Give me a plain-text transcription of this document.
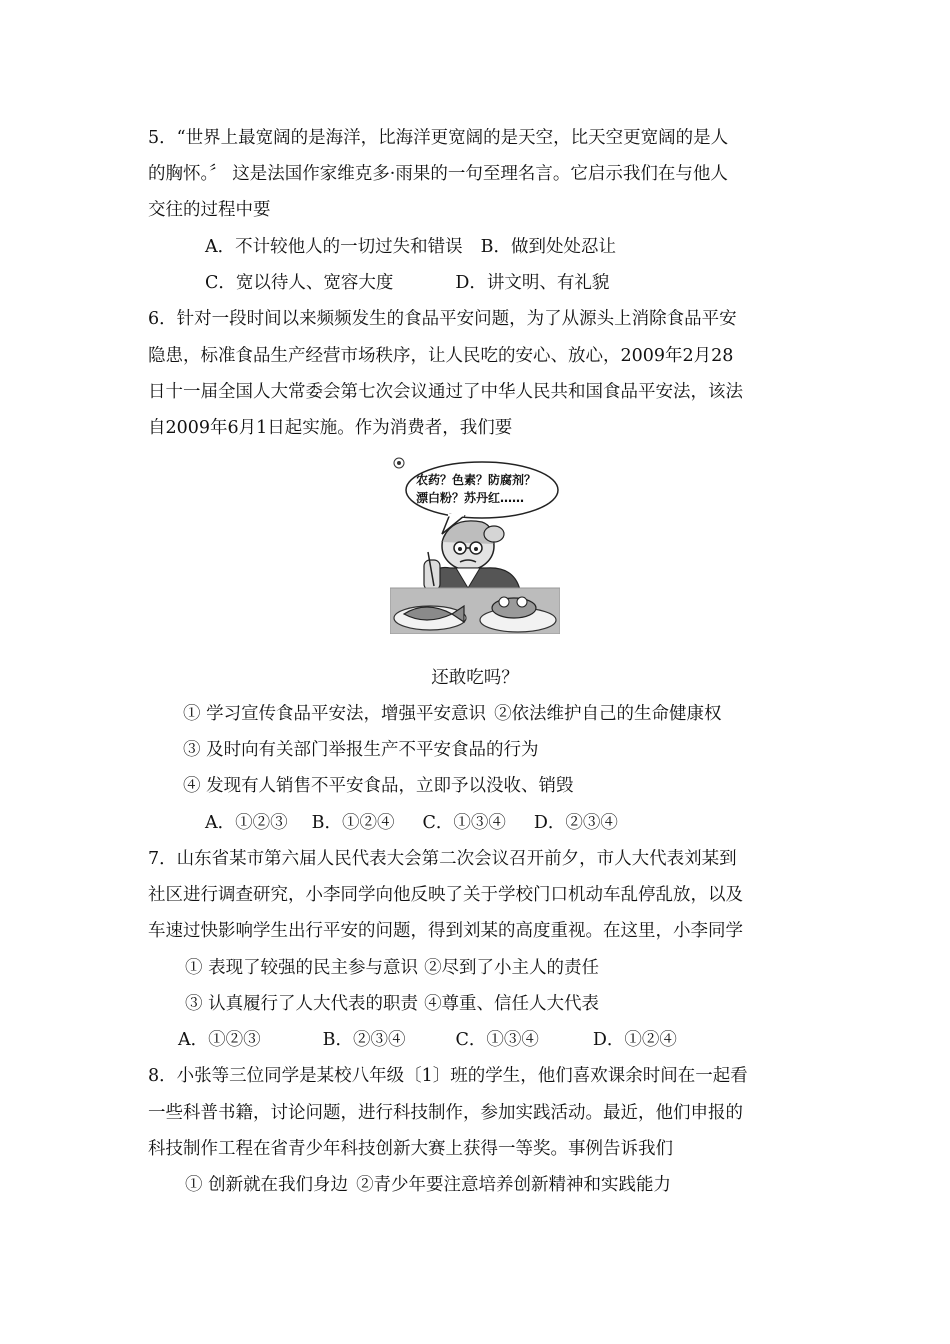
5．“世界上最宽阔的是海洋，比海洋更宽阔的是天空，比天空更宽阔的是人
的胸怀。〞 这是法国作家维克多·雨果的一句至理名言。它启示我们在与他人
交往的过程中要
A．不计较他人的一切过失和错误 B．做到处处忍让
C．宽以待人、宽容大度	D．讲文明、有礼貌
6．针对一段时间以来频频发生的食品平安问题，为了从源头上消除食品平安
隐患，标准食品生产经营市场秩序，让人民吃的安心、放心，2009年2月28
日十一届全国人大常委会第七次会议通过了中华人民共和国食品平安法，该法
自2009年6月1日起实施。作为消费者，我们要
农药？色素？防腐剂？
漂白粉？苏丹红……
还敢吃吗？
① 学习宣传食品平安法，增强平安意识 ②依法维护自己的生命健康权
③ 及时向有关部门举报生产不平安食品的行为
④ 发现有人销售不平安食品，立即予以没收、销毁
A．①②③ B．①②④ C．①③④ D．②③④
7．山东省某市第六届人民代表大会第二次会议召开前夕，市人大代表刘某到
社区进行调查研究，小李同学向他反映了关于学校门口机动车乱停乱放，以及
车速过快影响学生出行平安的问题，得到刘某的高度重视。在这里，小李同学
① 表现了较强的民主参与意识 ②尽到了小主人的责任
③ 认真履行了人大代表的职责 ④尊重、信任人大代表
A．①②③	B．②③④	C．①③④	D．①②④
8．小张等三位同学是某校八年级〔1〕班的学生，他们喜欢课余时间在一起看
一些科普书籍，讨论问题，进行科技制作，参加实践活动。最近，他们申报的
科技制作工程在省青少年科技创新大赛上获得一等奖。事例告诉我们
① 创新就在我们身边 ②青少年要注意培养创新精神和实践能力
